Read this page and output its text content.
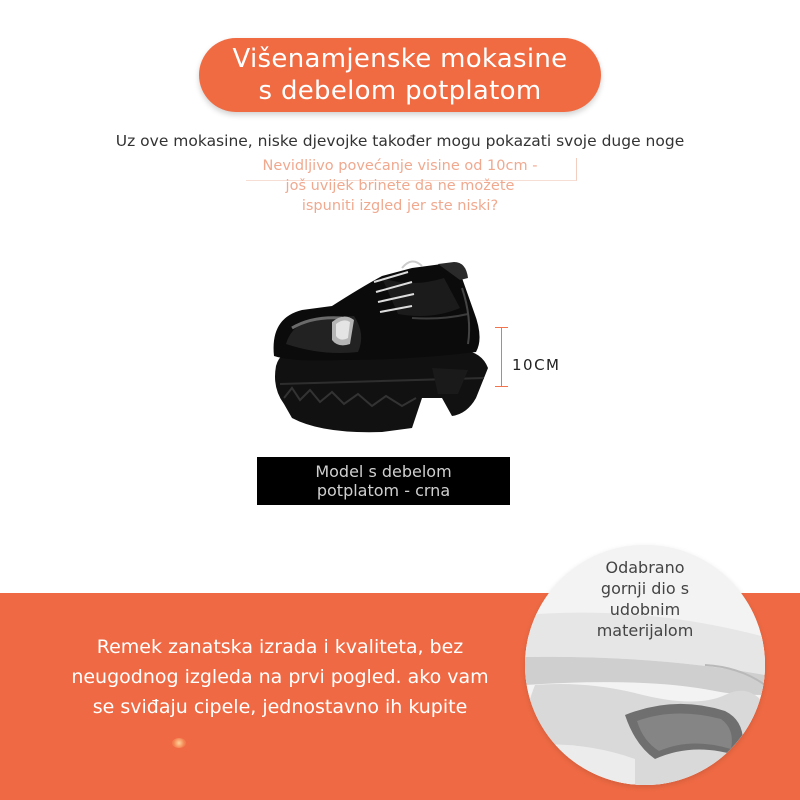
Višenamjenske mokasine
s debelom potplatom
Uz ove mokasine, niske djevojke također mogu pokazati svoje duge noge
Nevidljivo povećanje visine od 10cm -
još uvijek brinete da ne možete
ispuniti izgled jer ste niski?
10CM
Model s debelom
potplatom - crna
Remek zanatska izrada i kvaliteta, bez
neugodnog izgleda na prvi pogled. ako vam
se sviđaju cipele, jednostavno ih kupite
Odabrano
gornji dio s
udobnim
materijalom
